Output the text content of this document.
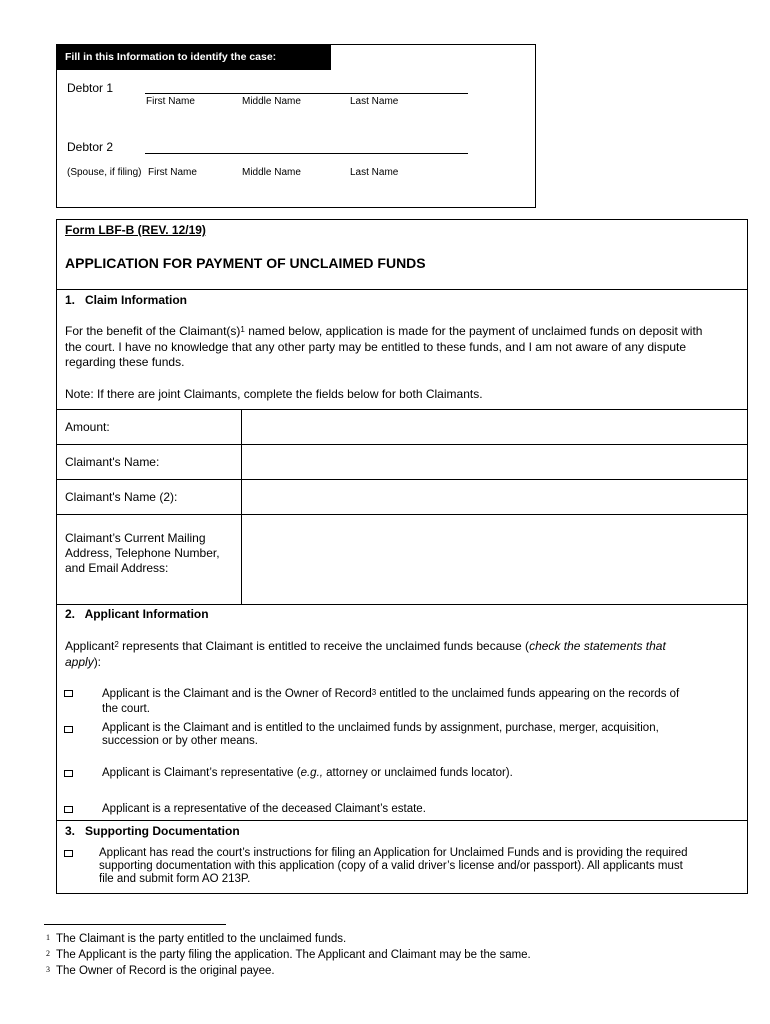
Fill in this Information to identify the case:
Debtor 1
First Name	Middle Name	Last Name
Debtor 2
(Spouse, if filing) First Name	Middle Name	Last Name
Form LBF-B (REV. 12/19)
APPLICATION FOR PAYMENT OF UNCLAIMED FUNDS
1.   Claim Information
For the benefit of the $Claimant(s)^1$ named below, application is made for the payment of unclaimed funds on deposit with
the court. I have no knowledge that any other party may be entitled to these funds, and I am not aware of any dispute
regarding these funds.
Note: If there are joint Claimants, complete the fields below for both Claimants.
Amount:
Claimant's Name:
Claimant's Name (2):
Claimant’s Current Mailing
Address, Telephone Number,
and Email Address:
2.   Applicant Information
Applicant$^2$ represents that Claimant is entitled to receive the unclaimed funds because (check the statements that
apply):
Applicant is the Claimant and is the Owner of Record$^3$ entitled to the unclaimed funds appearing on the records of
the court.
Applicant is the Claimant and is entitled to the unclaimed funds by assignment, purchase, merger, acquisition,
succession or by other means.
Applicant is Claimant’s representative (e.g., attorney or unclaimed funds locator).
Applicant is a representative of the deceased Claimant’s estate.
3.   Supporting Documentation
Applicant has read the court’s instructions for filing an Application for Unclaimed Funds and is providing the required
supporting documentation with this application (copy of a valid driver’s license and/or passport). All applicants must
file and submit form AO 213P.
1 The Claimant is the party entitled to the unclaimed funds.
2 The Applicant is the party filing the application. The Applicant and Claimant may be the same.
3 The Owner of Record is the original payee.
